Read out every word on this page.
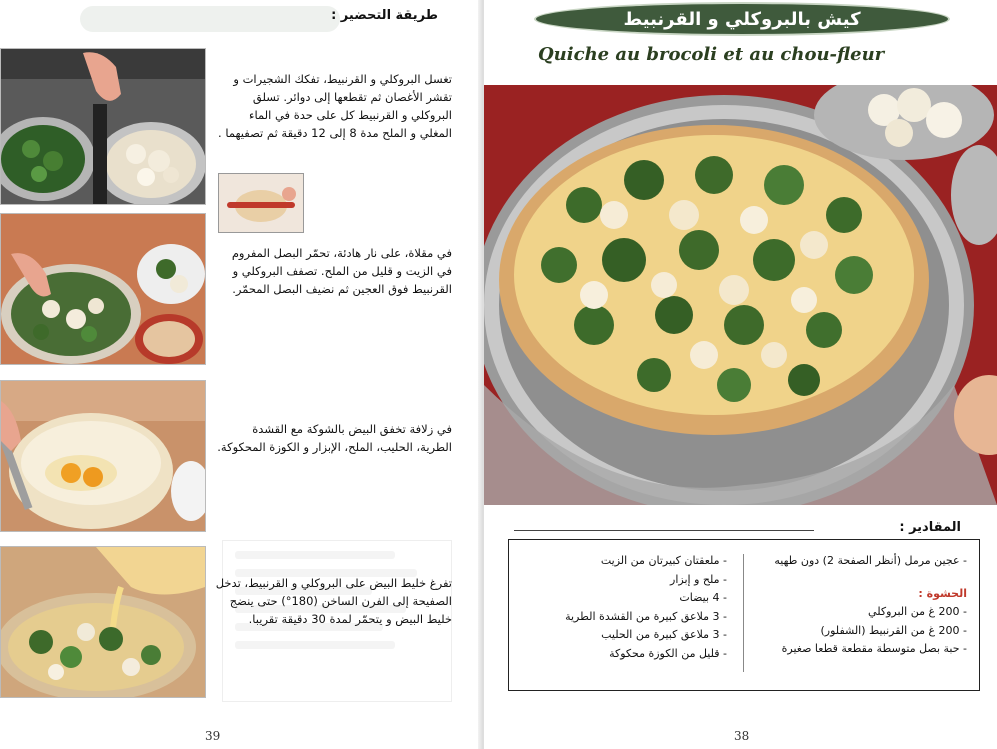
طريقة التحضير :
تغسل البروكلي و القرنبيط، تفكك الشجيرات و تقشر الأغصان ثم تقطعها إلى دوائر. تسلق البروكلي و القرنبيط كل على حدة في الماء المغلي و الملح مدة 8 إلى 12 دقيقة ثم تصفيهما .
في مقلاة، على نار هادئة، تحمّر البصل المفروم في الزيت و قليل من الملح. تصفف البروكلي و القرنبيط فوق العجين ثم نضيف البصل المحمّر.
في زلافة تخفق البيض بالشوكة مع القشدة الطرية، الحليب، الملح، الإبزار و الكوزة المحكوكة.
تفرغ خليط البيض على البروكلي و القرنبيط، تدخل الصفيحة إلى الفرن الساخن (180°) حتى ينضج خليط البيض و يتحمّر لمدة 30 دقيقة تقريبا.
39
كيش بالبروكلي و القرنبيط
Quiche au brocoli et au chou-fleur
المقادير :
- عجين مرمل (أنظر الصفحة 2) دون طهيه
الحشوة :
- 200 غ من البروكلي
- 200 غ من القرنبيط (الشفلور)
- حبة بصل متوسطة مقطعة قطعا صغيرة
- ملعقتان كبيرتان من الزيت
- ملح و إبزار
- 4 بيضات
- 3 ملاعق كبيرة من القشدة الطرية
- 3 ملاعق كبيرة من الحليب
- قليل من الكوزة محكوكة
38
